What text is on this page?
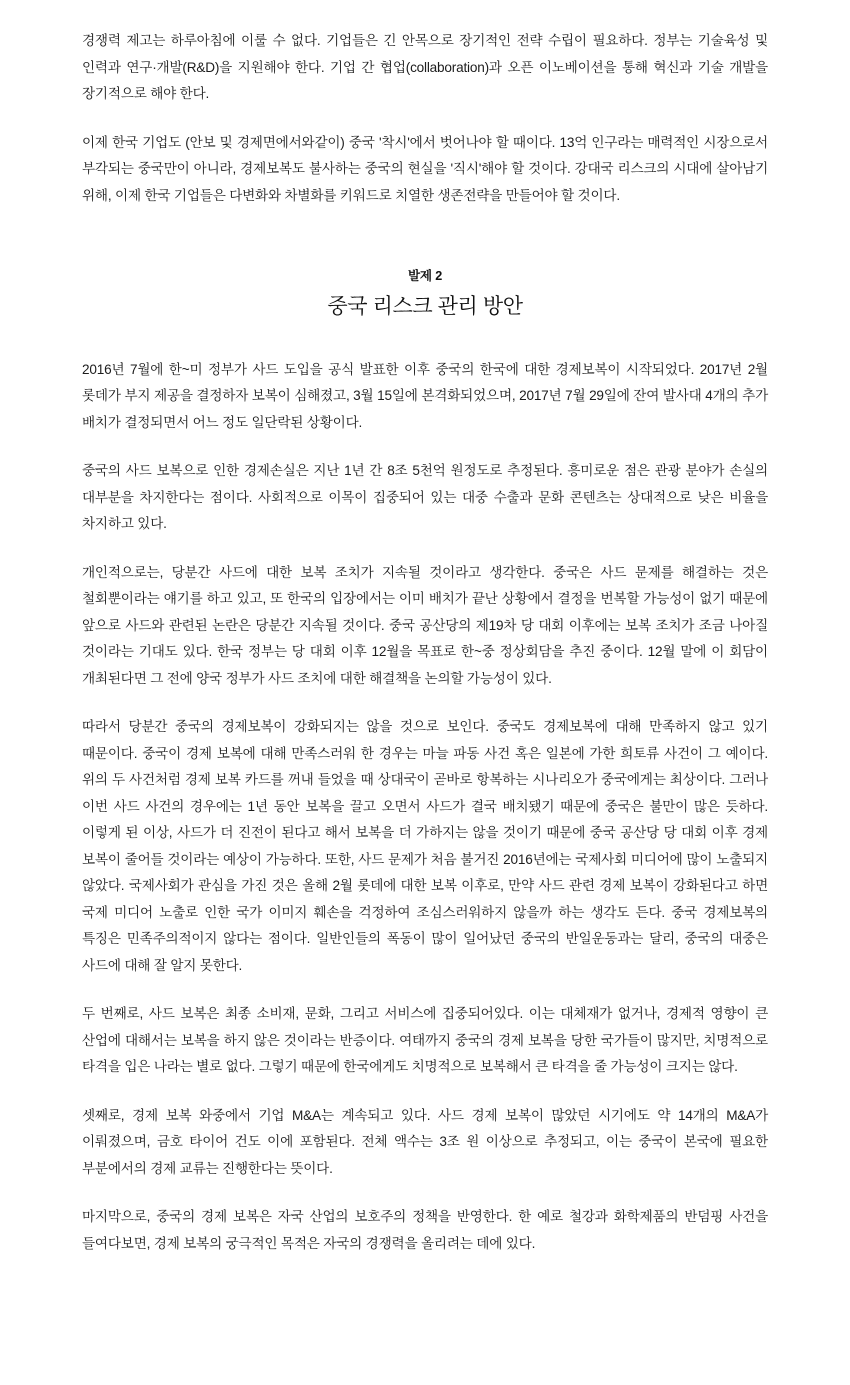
경쟁력 제고는 하루아침에 이룰 수 없다. 기업들은 긴 안목으로 장기적인 전략 수립이 필요하다. 정부는 기술육성 및 인력과 연구·개발(R&D)을 지원해야 한다. 기업 간 협업(collaboration)과 오픈 이노베이션을 통해 혁신과 기술 개발을 장기적으로 해야 한다.

이제 한국 기업도 (안보 및 경제면에서와같이) 중국 '착시'에서 벗어나야 할 때이다. 13억 인구라는 매력적인 시장으로서 부각되는 중국만이 아니라, 경제보복도 불사하는 중국의 현실을 '직시'해야 할 것이다. 강대국 리스크의 시대에 살아남기 위해, 이제 한국 기업들은 다변화와 차별화를 키워드로 치열한 생존전략을 만들어야 할 것이다.

발제 2
중국 리스크 관리 방안

2016년 7월에 한~미 정부가 사드 도입을 공식 발표한 이후 중국의 한국에 대한 경제보복이 시작되었다. 2017년 2월 롯데가 부지 제공을 결정하자 보복이 심해졌고, 3월 15일에 본격화되었으며, 2017년 7월 29일에 잔여 발사대 4개의 추가 배치가 결정되면서 어느 정도 일단락된 상황이다.

중국의 사드 보복으로 인한 경제손실은 지난 1년 간 8조 5천억 원정도로 추정된다. 흥미로운 점은 관광 분야가 손실의 대부분을 차지한다는 점이다. 사회적으로 이목이 집중되어 있는 대중 수출과 문화 콘텐츠는 상대적으로 낮은 비율을 차지하고 있다.

개인적으로는, 당분간 사드에 대한 보복 조치가 지속될 것이라고 생각한다. 중국은 사드 문제를 해결하는 것은 철회뿐이라는 얘기를 하고 있고, 또 한국의 입장에서는 이미 배치가 끝난 상황에서 결정을 번복할 가능성이 없기 때문에 앞으로 사드와 관련된 논란은 당분간 지속될 것이다. 중국 공산당의 제19차 당 대회 이후에는 보복 조치가 조금 나아질 것이라는 기대도 있다. 한국 정부는 당 대회 이후 12월을 목표로 한~중 정상회담을 추진 중이다. 12월 말에 이 회담이 개최된다면 그 전에 양국 정부가 사드 조치에 대한 해결책을 논의할 가능성이 있다.

따라서 당분간 중국의 경제보복이 강화되지는 않을 것으로 보인다. 중국도 경제보복에 대해 만족하지 않고 있기 때문이다. 중국이 경제 보복에 대해 만족스러워 한 경우는 마늘 파동 사건 혹은 일본에 가한 희토류 사건이 그 예이다. 위의 두 사건처럼 경제 보복 카드를 꺼내 들었을 때 상대국이 곧바로 항복하는 시나리오가 중국에게는 최상이다. 그러나 이번 사드 사건의 경우에는 1년 동안 보복을 끌고 오면서 사드가 결국 배치됐기 때문에 중국은 불만이 많은 듯하다. 이렇게 된 이상, 사드가 더 진전이 된다고 해서 보복을 더 가하지는 않을 것이기 때문에 중국 공산당 당 대회 이후 경제 보복이 줄어들 것이라는 예상이 가능하다. 또한, 사드 문제가 처음 불거진 2016년에는 국제사회 미디어에 많이 노출되지 않았다. 국제사회가 관심을 가진 것은 올해 2월 롯데에 대한 보복 이후로, 만약 사드 관련 경제 보복이 강화된다고 하면 국제 미디어 노출로 인한 국가 이미지 훼손을 걱정하여 조심스러워하지 않을까 하는 생각도 든다. 중국 경제보복의 특징은 민족주의적이지 않다는 점이다. 일반인들의 폭동이 많이 일어났던 중국의 반일운동과는 달리, 중국의 대중은 사드에 대해 잘 알지 못한다.

두 번째로, 사드 보복은 최종 소비재, 문화, 그리고 서비스에 집중되어있다. 이는 대체재가 없거나, 경제적 영향이 큰 산업에 대해서는 보복을 하지 않은 것이라는 반증이다. 여태까지 중국의 경제 보복을 당한 국가들이 많지만, 치명적으로 타격을 입은 나라는 별로 없다. 그렇기 때문에 한국에게도 치명적으로 보복해서 큰 타격을 줄 가능성이 크지는 않다.

셋째로, 경제 보복 와중에서 기업 M&A는 계속되고 있다. 사드 경제 보복이 많았던 시기에도 약 14개의 M&A가 이뤄졌으며, 금호 타이어 건도 이에 포함된다. 전체 액수는 3조 원 이상으로 추정되고, 이는 중국이 본국에 필요한 부분에서의 경제 교류는 진행한다는 뜻이다.

마지막으로, 중국의 경제 보복은 자국 산업의 보호주의 정책을 반영한다. 한 예로 철강과 화학제품의 반덤핑 사건을 들여다보면, 경제 보복의 궁극적인 목적은 자국의 경쟁력을 올리려는 데에 있다.
